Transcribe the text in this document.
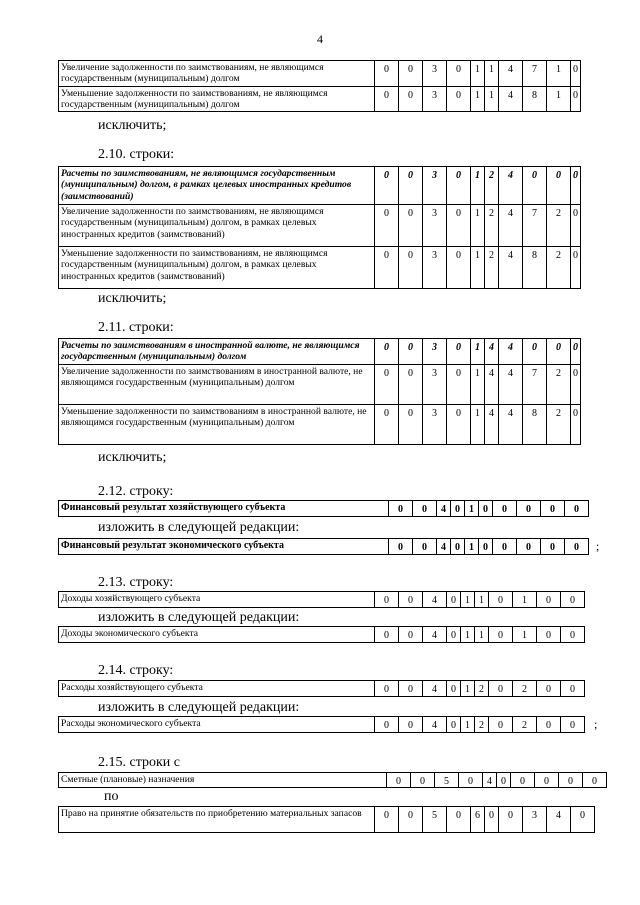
4
Увеличение задолженности по заимствованиям, не являющимся государственным (муниципальным) долгом	0	0	3	0	1	1	4	7	1	0
Уменьшение задолженности по заимствованиям, не являющимся государственным (муниципальным) долгом	0	0	3	0	1	1	4	8	1	0
исключить;
2.10. строки:
Расчеты по заимствованиям, не являющимся государственным (муниципальным) долгом, в рамках целевых иностранных кредитов (заимствований)	0	0	3	0	1	2	4	0	0	0
Увеличение задолженности по заимствованиям, не являющимся государственным (муниципальным) долгом, в рамках целевых иностранных кредитов (заимствований)	0	0	3	0	1	2	4	7	2	0
Уменьшение задолженности по заимствованиям, не являющимся государственным (муниципальным) долгом, в рамках целевых иностранных кредитов (заимствований)	0	0	3	0	1	2	4	8	2	0
исключить;
2.11. строки:
Расчеты по заимствованиям в иностранной валюте, не являющимся государственным (муниципальным) долгом	0	0	3	0	1	4	4	0	0	0
Увеличение задолженности по заимствованиям в иностранной валюте, не являющимся государственным (муниципальным) долгом	0	0	3	0	1	4	4	7	2	0
Уменьшение задолженности по заимствованиям в иностранной валюте, не являющимся государственным (муниципальным) долгом	0	0	3	0	1	4	4	8	2	0
исключить;
2.12. строку:
Финансовый результат хозяйствующего субъекта	0	0	4	0	1	0	0	0	0	0
изложить в следующей редакции:
Финансовый результат экономического субъекта	0	0	4	0	1	0	0	0	0	0 ;
2.13. строку:
Доходы хозяйствующего субъекта	0	0	4	0	1	1	0	1	0	0
изложить в следующей редакции:
Доходы экономического субъекта	0	0	4	0	1	1	0	1	0	0
2.14. строку:
Расходы хозяйствующего субъекта	0	0	4	0	1	2	0	2	0	0
изложить в следующей редакции:
Расходы экономического субъекта	0	0	4	0	1	2	0	2	0	0 ;
2.15. строки с
Сметные (плановые) назначения	0	0	5	0	4	0	0	0	0	0
по
Право на принятие обязательств по приобретению материальных запасов	0	0	5	0	6	0	0	3	4	0
